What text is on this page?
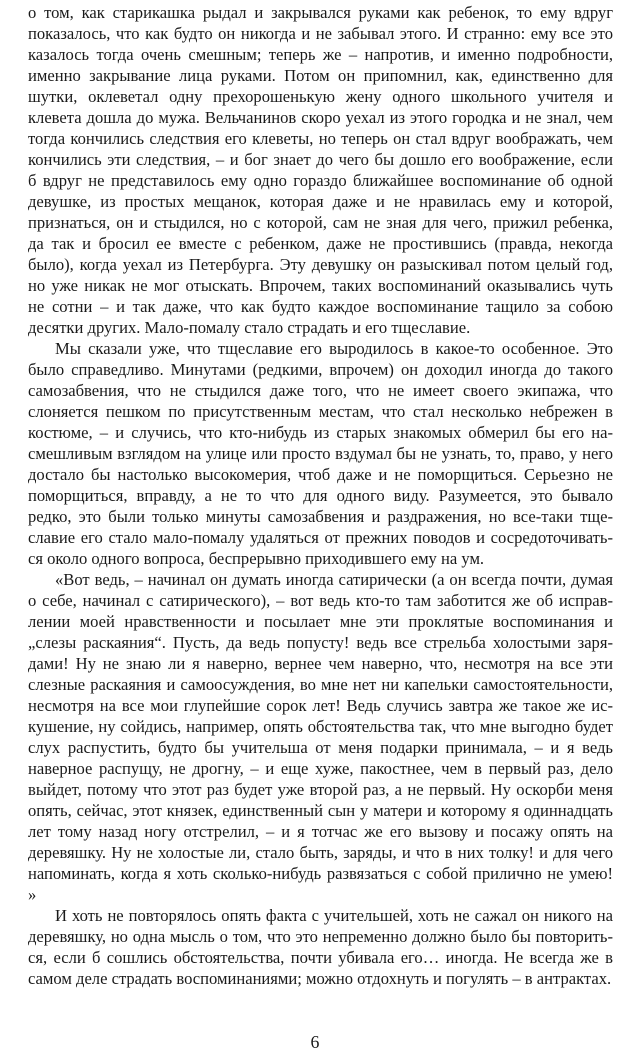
о том, как старикашка рыдал и закрывался руками как ребенок, то ему вдруг
показалось, что как будто он никогда и не забывал этого. И странно: ему все это
казалось тогда очень смешным; теперь же – напротив, и именно подробности,
именно закрывание лица руками. Потом он припомнил, как, единственно для
шутки, оклеветал одну прехорошенькую жену одного школьного учителя и
клевета дошла до мужа. Вельчанинов скоро уехал из этого городка и не знал, чем
тогда кончились следствия его клеветы, но теперь он стал вдруг воображать, чем
кончились эти следствия, – и бог знает до чего бы дошло его воображение, если
б вдруг не представилось ему одно гораздо ближайшее воспоминание об одной
девушке, из простых мещанок, которая даже и не нравилась ему и которой,
признаться, он и стыдился, но с которой, сам не зная для чего, прижил ребенка,
да так и бросил ее вместе с ребенком, даже не простившись (правда, некогда
было), когда уехал из Петербурга. Эту девушку он разыскивал потом целый год,
но уже никак не мог отыскать. Впрочем, таких воспоминаний оказывались чуть
не сотни – и так даже, что как будто каждое воспоминание тащило за собою
десятки других. Мало-помалу стало страдать и его тщеславие.
Мы сказали уже, что тщеславие его выродилось в какое-то особенное. Это
было справедливо. Минутами (редкими, впрочем) он доходил иногда до такого
самозабвения, что не стыдился даже того, что не имеет своего экипажа, что
слоняется пешком по присутственным местам, что стал несколько небрежен в
костюме, – и случись, что кто-нибудь из старых знакомых обмерил бы его на-
смешливым взглядом на улице или просто вздумал бы не узнать, то, право, у него
достало бы настолько высокомерия, чтоб даже и не поморщиться. Серьезно не
поморщиться, вправду, а не то что для одного виду. Разумеется, это бывало
редко, это были только минуты самозабвения и раздражения, но все-таки тще-
славие его стало мало-помалу удаляться от прежних поводов и сосредоточивать-
ся около одного вопроса, беспрерывно приходившего ему на ум.
«Вот ведь, – начинал он думать иногда сатирически (а он всегда почти, думая
о себе, начинал с сатирического), – вот ведь кто-то там заботится же об исправ-
лении моей нравственности и посылает мне эти проклятые воспоминания и
„слезы раскаяния“. Пусть, да ведь попусту! ведь все стрельба холостыми заря-
дами! Ну не знаю ли я наверно, вернее чем наверно, что, несмотря на все эти
слезные раскаяния и самоосуждения, во мне нет ни капельки самостоятельности,
несмотря на все мои глупейшие сорок лет! Ведь случись завтра же такое же ис-
кушение, ну сойдись, например, опять обстоятельства так, что мне выгодно будет
слух распустить, будто бы учительша от меня подарки принимала, – и я ведь
наверное распущу, не дрогну, – и еще хуже, пакостнее, чем в первый раз, дело
выйдет, потому что этот раз будет уже второй раз, а не первый. Ну оскорби меня
опять, сейчас, этот князек, единственный сын у матери и которому я одиннадцать
лет тому назад ногу отстрелил, – и я тотчас же его вызову и посажу опять на
деревяшку. Ну не холостые ли, стало быть, заряды, и что в них толку! и для чего
напоминать, когда я хоть сколько-нибудь развязаться с собой прилично не умею!
»
И хоть не повторялось опять факта с учительшей, хоть не сажал он никого на
деревяшку, но одна мысль о том, что это непременно должно было бы повторить-
ся, если б сошлись обстоятельства, почти убивала его… иногда. Не всегда же в
самом деле страдать воспоминаниями; можно отдохнуть и погулять – в антрактах.
6
